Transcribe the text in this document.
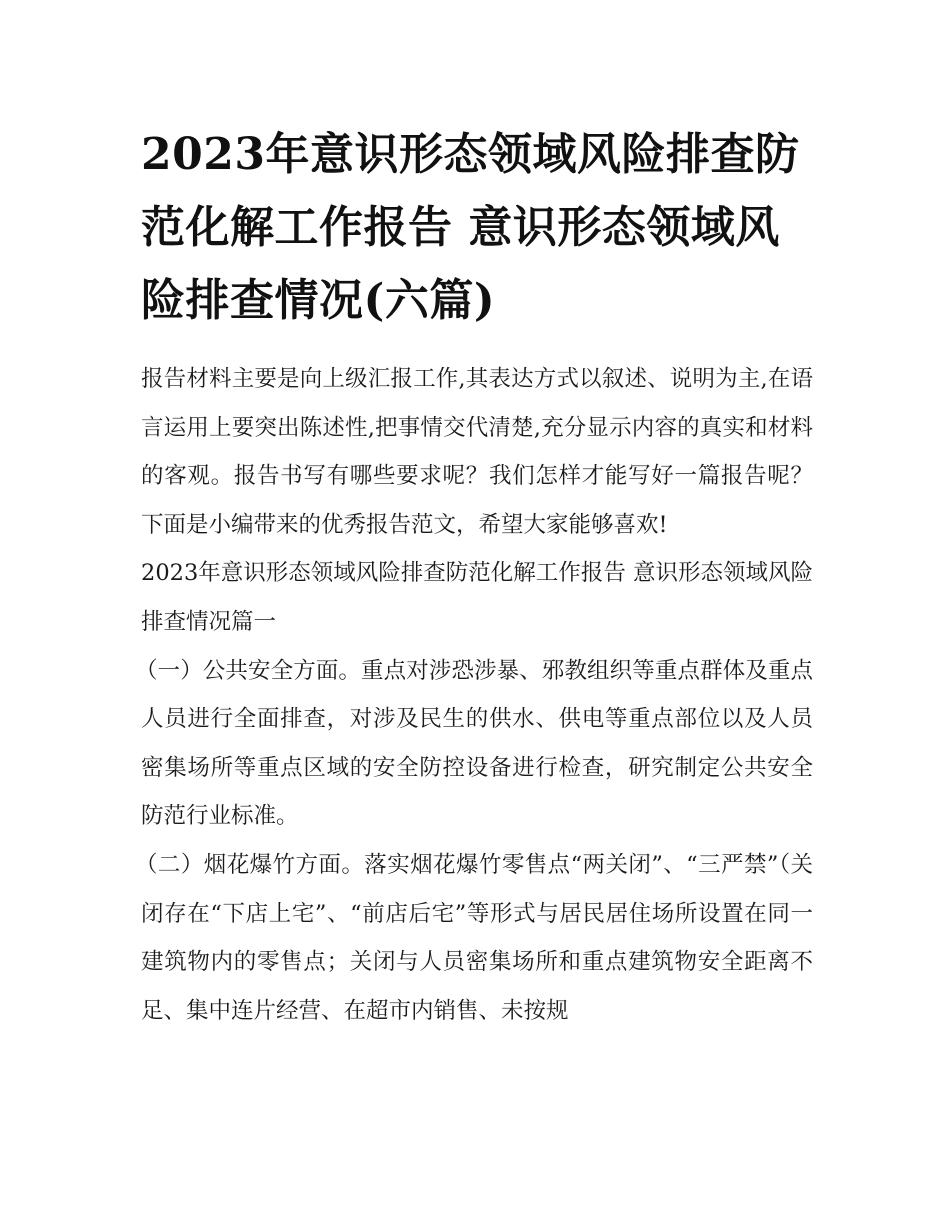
2023年意识形态领域风险排查防范化解工作报告 意识形态领域风险排查情况(六篇)

报告材料主要是向上级汇报工作,其表达方式以叙述、说明为主,在语言运用上要突出陈述性,把事情交代清楚,充分显示内容的真实和材料的客观。报告书写有哪些要求呢？我们怎样才能写好一篇报告呢？下面是小编带来的优秀报告范文，希望大家能够喜欢!

2023年意识形态领域风险排查防范化解工作报告 意识形态领域风险排查情况篇一

（一）公共安全方面。重点对涉恐涉暴、邪教组织等重点群体及重点人员进行全面排查，对涉及民生的供水、供电等重点部位以及人员密集场所等重点区域的安全防控设备进行检查，研究制定公共安全防范行业标准。

（二）烟花爆竹方面。落实烟花爆竹零售点“两关闭”、“三严禁”（关闭存在“下店上宅”、“前店后宅”等形式与居民居住场所设置在同一建筑物内的零售点；关闭与人员密集场所和重点建筑物安全距离不足、集中连片经营、在超市内销售、未按规
